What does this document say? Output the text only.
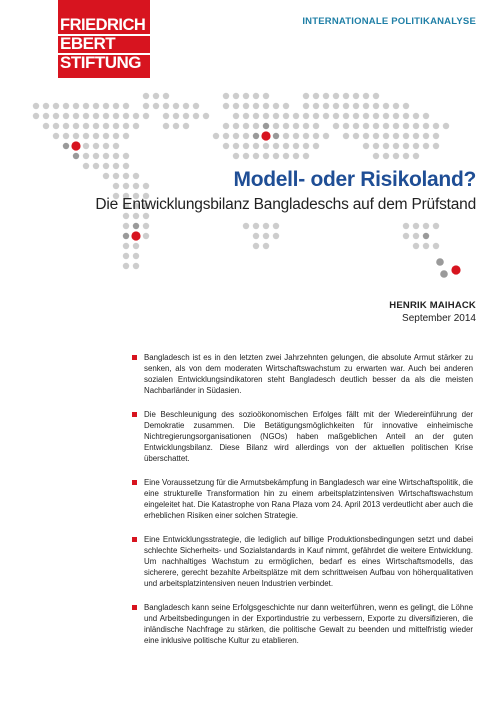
FRIEDRICH
EBERT
STIFTUNG
INTERNATIONALE POLITIKANALYSE
Modell- oder Risikoland?
Die Entwicklungsbilanz Bangladeschs auf dem Prüfstand
HENRIK MAIHACK
September 2014
Bangladesch ist es in den letzten zwei Jahrzehnten gelungen, die absolute Armut stärker zu senken, als von dem moderaten Wirtschaftswachstum zu erwarten war. Auch bei anderen sozialen Entwicklungsindikatoren steht Bangladesch deutlich besser da als die meisten Nachbarländer in Südasien.
Die Beschleunigung des sozioökonomischen Erfolges fällt mit der Wiedereinführung der Demokratie zusammen. Die Betätigungsmöglichkeiten für innovative einheimische Nichtregierungsorganisationen (NGOs) haben maßgeblichen Anteil an der guten Entwicklungsbilanz. Diese Bilanz wird allerdings von der aktuellen politischen Krise überschattet.
Eine Voraussetzung für die Armutsbekämpfung in Bangladesch war eine Wirtschaftspolitik, die eine strukturelle Transformation hin zu einem arbeitsplatzintensiven Wirtschaftswachstum eingeleitet hat. Die Katastrophe von Rana Plaza vom 24. April 2013 verdeutlicht aber auch die erheblichen Risiken einer solchen Strategie.
Eine Entwicklungsstrategie, die lediglich auf billige Produktionsbedingungen setzt und dabei schlechte Sicherheits- und Sozialstandards in Kauf nimmt, gefährdet die weitere Entwicklung. Um nachhaltiges Wachstum zu ermöglichen, bedarf es eines Wirtschaftsmodells, das sicherere, gerecht bezahlte Arbeitsplätze mit dem schrittweisen Aufbau von höherqualitativen und arbeitsplatzintensiven neuen Industrien verbindet.
Bangladesch kann seine Erfolgsgeschichte nur dann weiterführen, wenn es gelingt, die Löhne und Arbeitsbedingungen in der Exportindustrie zu verbessern, Exporte zu diversifizieren, die inländische Nachfrage zu stärken, die politische Gewalt zu beenden und mittelfristig wieder eine inklusive politische Kultur zu etablieren.
